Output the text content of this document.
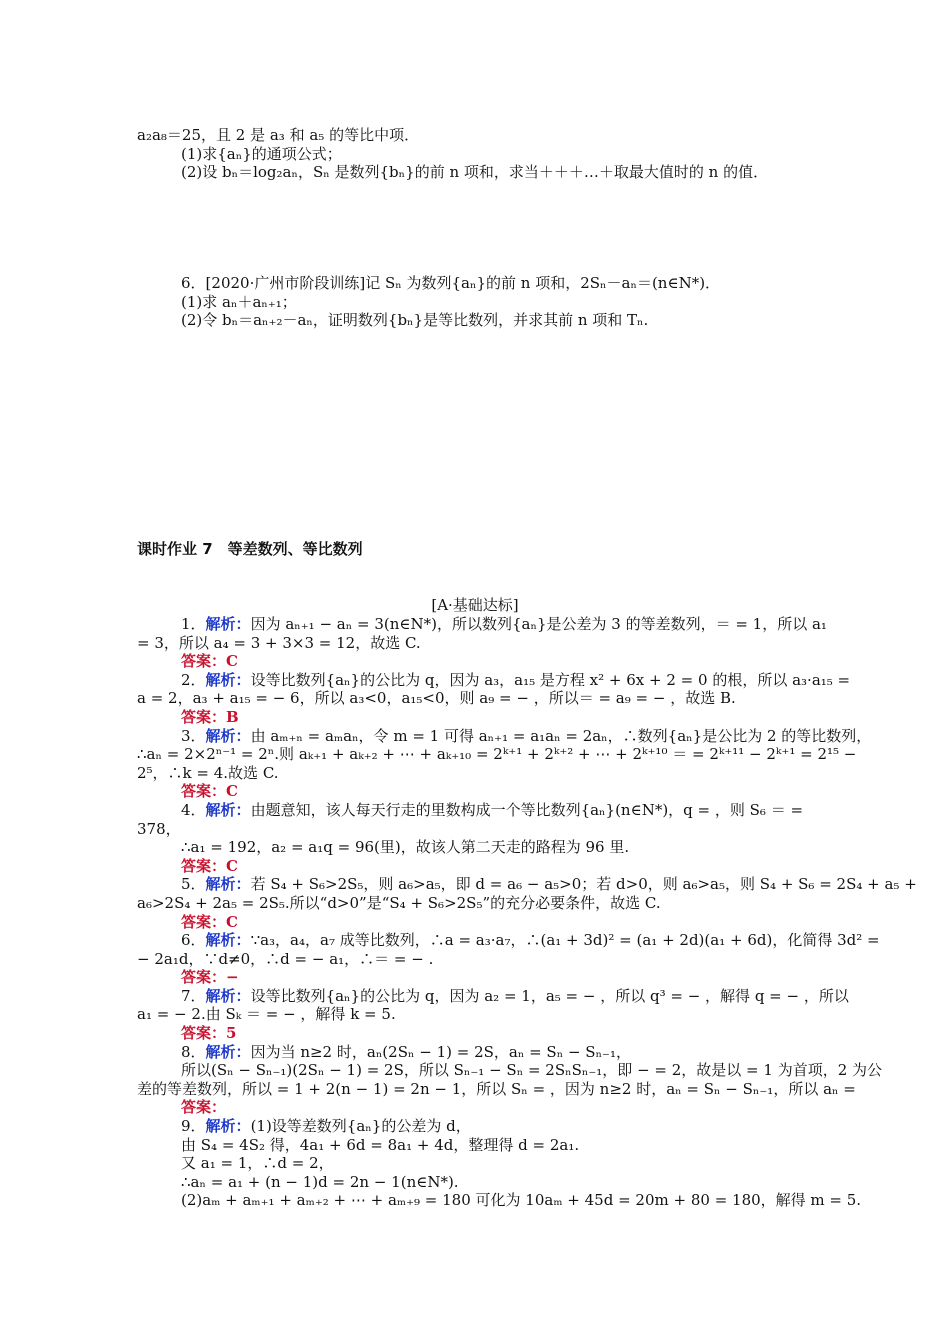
a₂a₈＝25，且 2 是 a₃ 和 a₅ 的等比中项．
(1)求{aₙ}的通项公式；
(2)设 bₙ＝log₂aₙ，Sₙ 是数列{bₙ}的前 n 项和，求当＋＋＋…＋取最大值时的 n 的值．
6．[2020·广州市阶段训练]记 Sₙ 为数列{aₙ}的前 n 项和，2Sₙ－aₙ＝(n∈N*)．
(1)求 aₙ＋aₙ₊₁；
(2)令 bₙ＝aₙ₊₂－aₙ，证明数列{bₙ}是等比数列，并求其前 n 项和 Tₙ.
课时作业 7　等差数列、等比数列
[A·基础达标]
1．解析：因为 aₙ₊₁ − aₙ = 3(n∈N*)，所以数列{aₙ}是公差为 3 的等差数列，＝ = 1，所以 a₁
= 3，所以 a₄ = 3 + 3×3 = 12，故选 C.
答案：C
2．解析：设等比数列{aₙ}的公比为 q，因为 a₃，a₁₅ 是方程 x² + 6x + 2 = 0 的根，所以 a₃·a₁₅ =
a = 2，a₃ + a₁₅ = − 6，所以 a₃<0，a₁₅<0，则 a₉ = − ，所以＝ = a₉ = − ，故选 B.
答案：B
3．解析：由 aₘ₊ₙ = aₘaₙ，令 m = 1 可得 aₙ₊₁ = a₁aₙ = 2aₙ，∴数列{aₙ}是公比为 2 的等比数列，
∴aₙ = 2×2ⁿ⁻¹ = 2ⁿ.则 aₖ₊₁ + aₖ₊₂ + ⋯ + aₖ₊₁₀ = 2ᵏ⁺¹ + 2ᵏ⁺² + ⋯ + 2ᵏ⁺¹⁰ ＝ = 2ᵏ⁺¹¹ − 2ᵏ⁺¹ = 2¹⁵ −
2⁵，∴k = 4.故选 C.
答案：C
4．解析：由题意知，该人每天行走的里数构成一个等比数列{aₙ}(n∈N*)，q = ，则 S₆ ＝ =
378，
∴a₁ = 192，a₂ = a₁q = 96(里)，故该人第二天走的路程为 96 里.
答案：C
5．解析：若 S₄ + S₆>2S₅，则 a₆>a₅，即 d = a₆ − a₅>0；若 d>0，则 a₆>a₅，则 S₄ + S₆ = 2S₄ + a₅ +
a₆>2S₄ + 2a₅ = 2S₅.所以“d>0”是“S₄ + S₆>2S₅”的充分必要条件，故选 C.
答案：C
6．解析：∵a₃，a₄，a₇ 成等比数列，∴a = a₃·a₇，∴(a₁ + 3d)² = (a₁ + 2d)(a₁ + 6d)，化简得 3d² =
− 2a₁d，∵d≠0，∴d = − a₁，∴＝ = − .
答案：−
7．解析：设等比数列{aₙ}的公比为 q，因为 a₂ = 1，a₅ = − ，所以 q³ = − ，解得 q = − ，所以
a₁ = − 2.由 Sₖ ＝ = − ，解得 k = 5.
答案：5
8．解析：因为当 n≥2 时，aₙ(2Sₙ − 1) = 2S，aₙ = Sₙ − Sₙ₋₁，
所以(Sₙ − Sₙ₋₁)(2Sₙ − 1) = 2S，所以 Sₙ₋₁ − Sₙ = 2SₙSₙ₋₁，即 − = 2，故是以 = 1 为首项，2 为公
差的等差数列，所以 = 1 + 2(n − 1) = 2n − 1，所以 Sₙ = ，因为 n≥2 时，aₙ = Sₙ − Sₙ₋₁，所以 aₙ =
答案：
9．解析：(1)设等差数列{aₙ}的公差为 d，
由 S₄ = 4S₂ 得，4a₁ + 6d = 8a₁ + 4d，整理得 d = 2a₁.
又 a₁ = 1，∴d = 2，
∴aₙ = a₁ + (n − 1)d = 2n − 1(n∈N*).
(2)aₘ + aₘ₊₁ + aₘ₊₂ + ⋯ + aₘ₊₉ = 180 可化为 10aₘ + 45d = 20m + 80 = 180，解得 m = 5.
